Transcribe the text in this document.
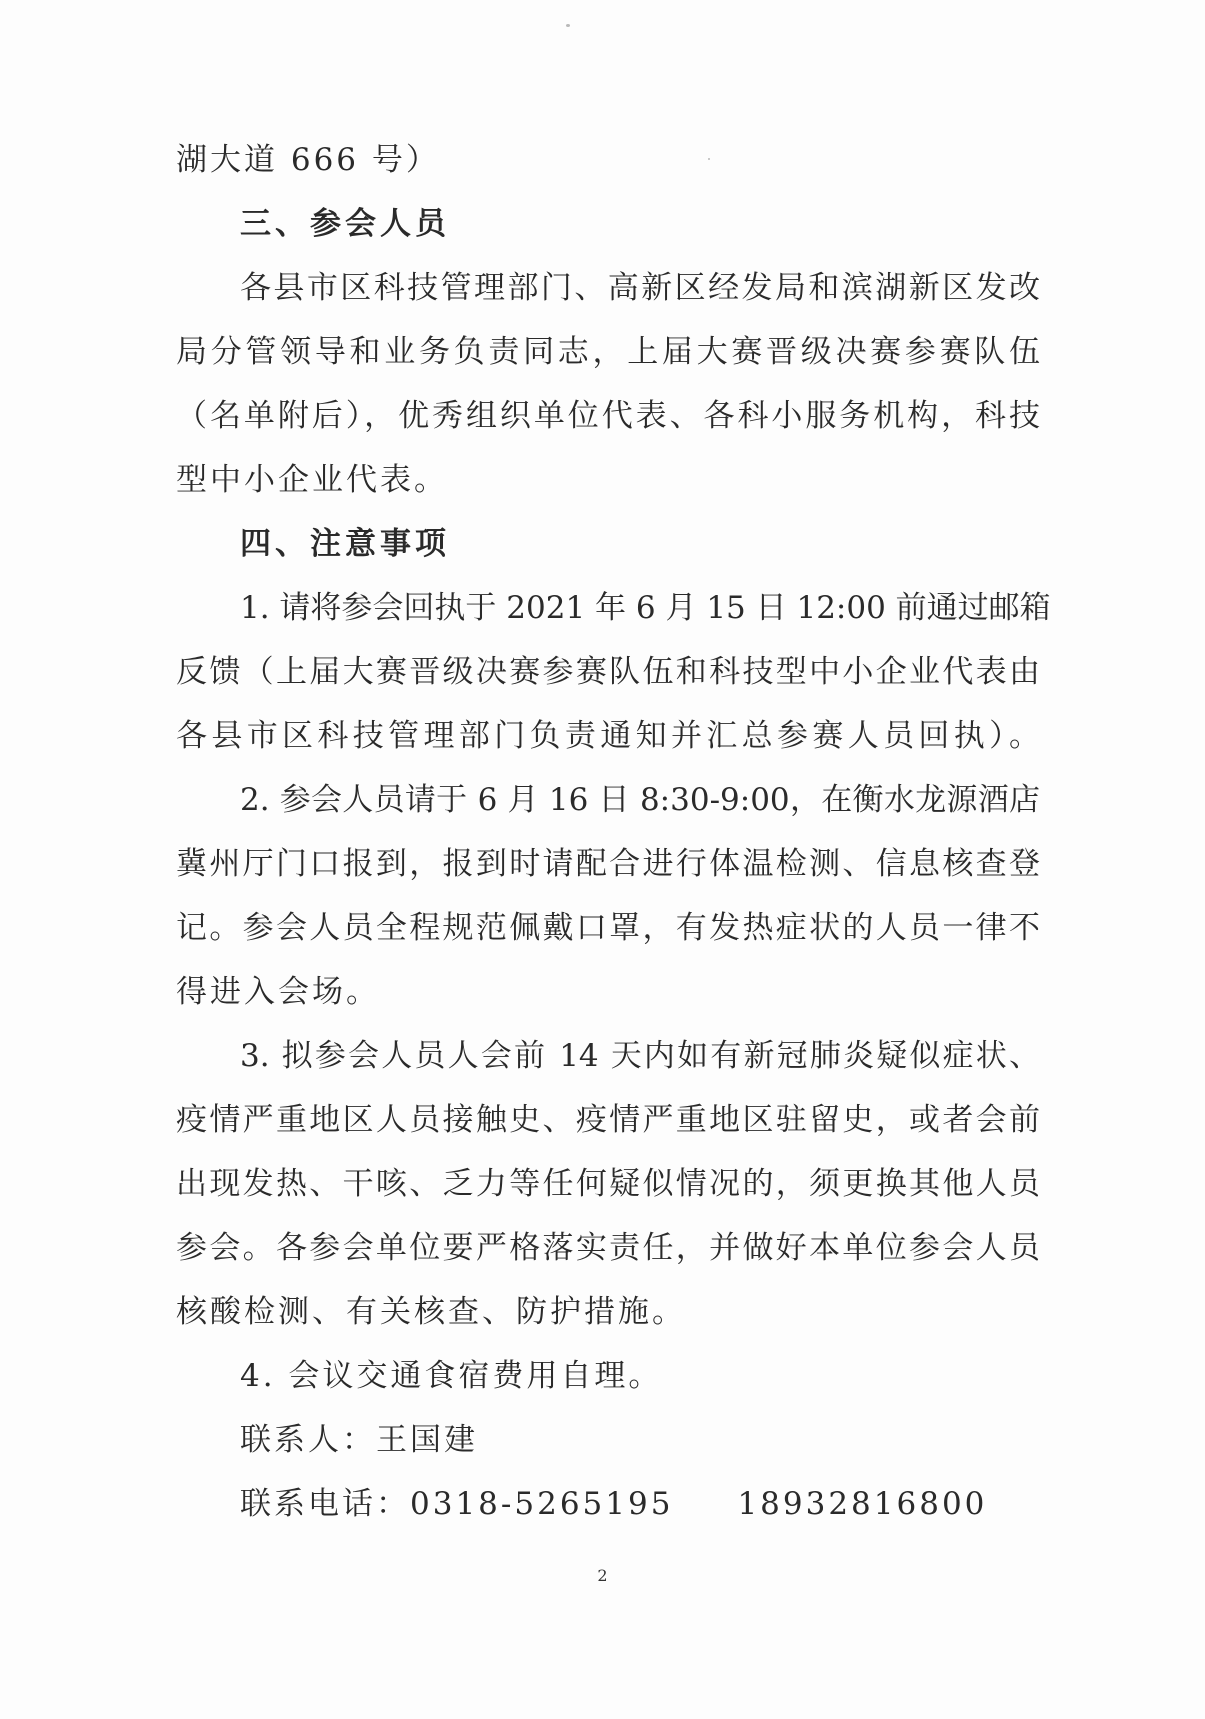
湖大道 666 号）
三、参会人员
各县市区科技管理部门、高新区经发局和滨湖新区发改
局分管领导和业务负责同志，上届大赛晋级决赛参赛队伍
（名单附后），优秀组织单位代表、各科小服务机构，科技
型中小企业代表。
四、注意事项
1. 请将参会回执于 2021 年 6 月 15 日 12:00 前通过邮箱
反馈（上届大赛晋级决赛参赛队伍和科技型中小企业代表由
各县市区科技管理部门负责通知并汇总参赛人员回执）。
2. 参会人员请于 6 月 16 日 8:30-9:00，在衡水龙源酒店
冀州厅门口报到，报到时请配合进行体温检测、信息核查登
记。参会人员全程规范佩戴口罩，有发热症状的人员一律不
得进入会场。
3. 拟参会人员人会前 14 天内如有新冠肺炎疑似症状、
疫情严重地区人员接触史、疫情严重地区驻留史，或者会前
出现发热、干咳、乏力等任何疑似情况的，须更换其他人员
参会。各参会单位要严格落实责任，并做好本单位参会人员
核酸检测、有关核查、防护措施。
4. 会议交通食宿费用自理。
联系人：王国建
联系电话：0318-5265195 18932816800
2
